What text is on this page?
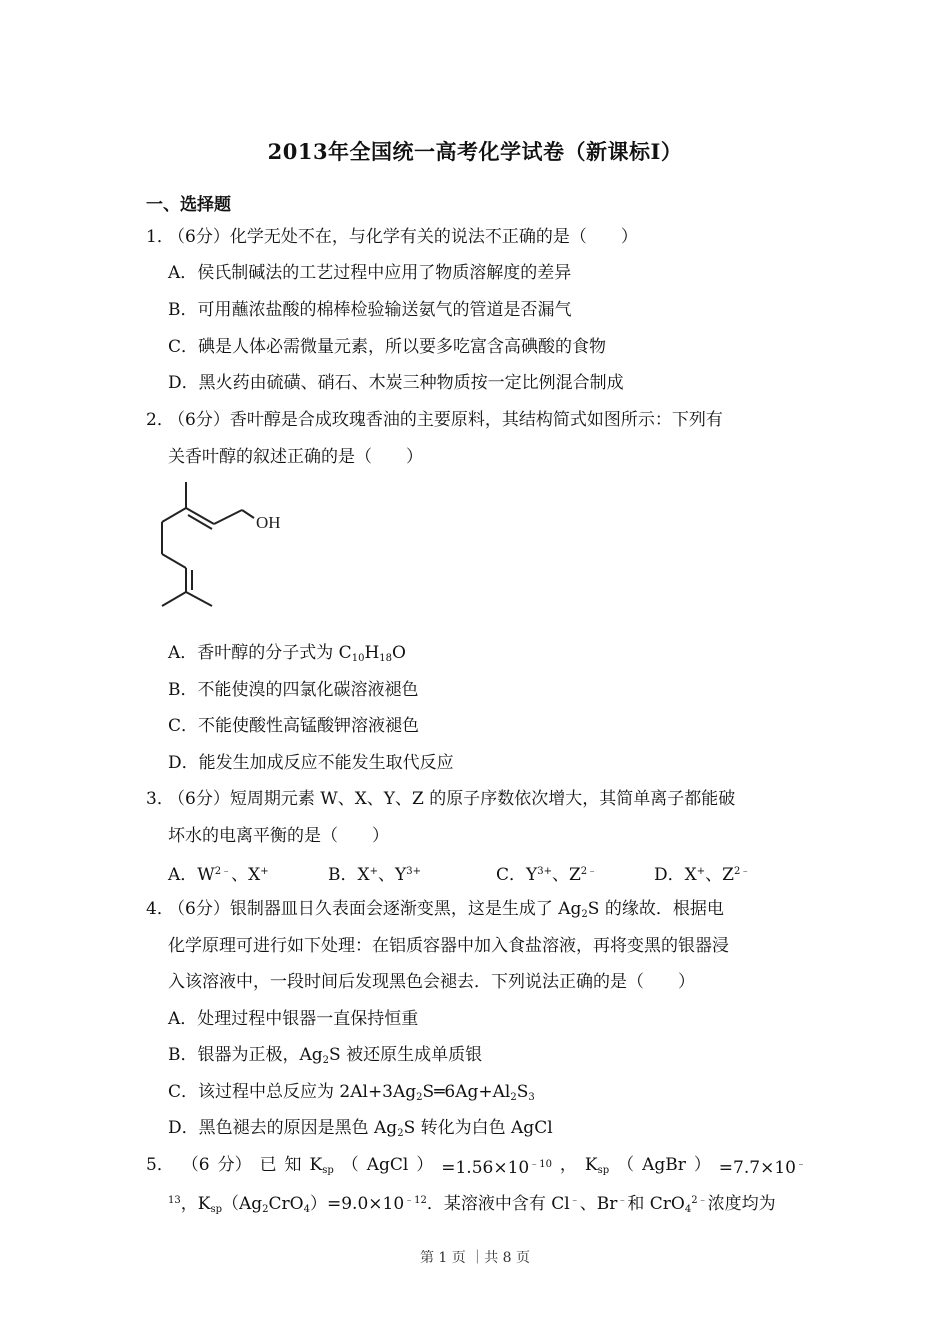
2013年全国统一高考化学试卷（新课标Ⅰ）
一、选择题
1．（6分）化学无处不在，与化学有关的说法不正确的是（　　）
A．侯氏制碱法的工艺过程中应用了物质溶解度的差异
B．可用蘸浓盐酸的棉棒检验输送氨气的管道是否漏气
C．碘是人体必需微量元素，所以要多吃富含高碘酸的食物
D．黑火药由硫磺、硝石、木炭三种物质按一定比例混合制成
2．（6分）香叶醇是合成玫瑰香油的主要原料，其结构简式如图所示：下列有
关香叶醇的叙述正确的是（　　）
OH
A．香叶醇的分子式为 $C_{10}H_{18}O$
B．不能使溴的四氯化碳溶液褪色
C．不能使酸性高锰酸钾溶液褪色
D．能发生加成反应不能发生取代反应
3．（6分）短周期元素 W、X、Y、Z 的原子序数依次增大，其简单离子都能破
坏水的电离平衡的是（　　）
A．$W^{2﹣}$、X+	B．X+、$Y^{3+}$	C．$Y^{3+}$、$Z^{2﹣}$	D．X+、$Z^{2﹣}$
4．（6分）银制器皿日久表面会逐渐变黑，这是生成了 $Ag_2S$ 的缘故．根据电
化学原理可进行如下处理：在铝质容器中加入食盐溶液，再将变黑的银器浸
入该溶液中，一段时间后发现黑色会褪去．下列说法正确的是（　　）
A．处理过程中银器一直保持恒重
B．银器为正极，$Ag_2S$ 被还原生成单质银
C．该过程中总反应为 $2Al+3Ag_2S═6Ag+Al_2S_3$
D．黑色褪去的原因是黑色 $Ag_2S$ 转化为白色 AgCl
5． （6 分） 已 知 $K_{sp}$ （ AgCl ） $=1.56\times 10^{﹣10}$ ， $K_{sp}$ （ AgBr ） =7.7×10﹣
$^{13}$，$K_{sp}(Ag_2CrO_4)=9.0\times 10^{﹣12}$．某溶液中含有 Cl﹣、Br﹣和 CrO$_4^{2﹣}$浓度均为
第 1 页 ｜共 8 页
